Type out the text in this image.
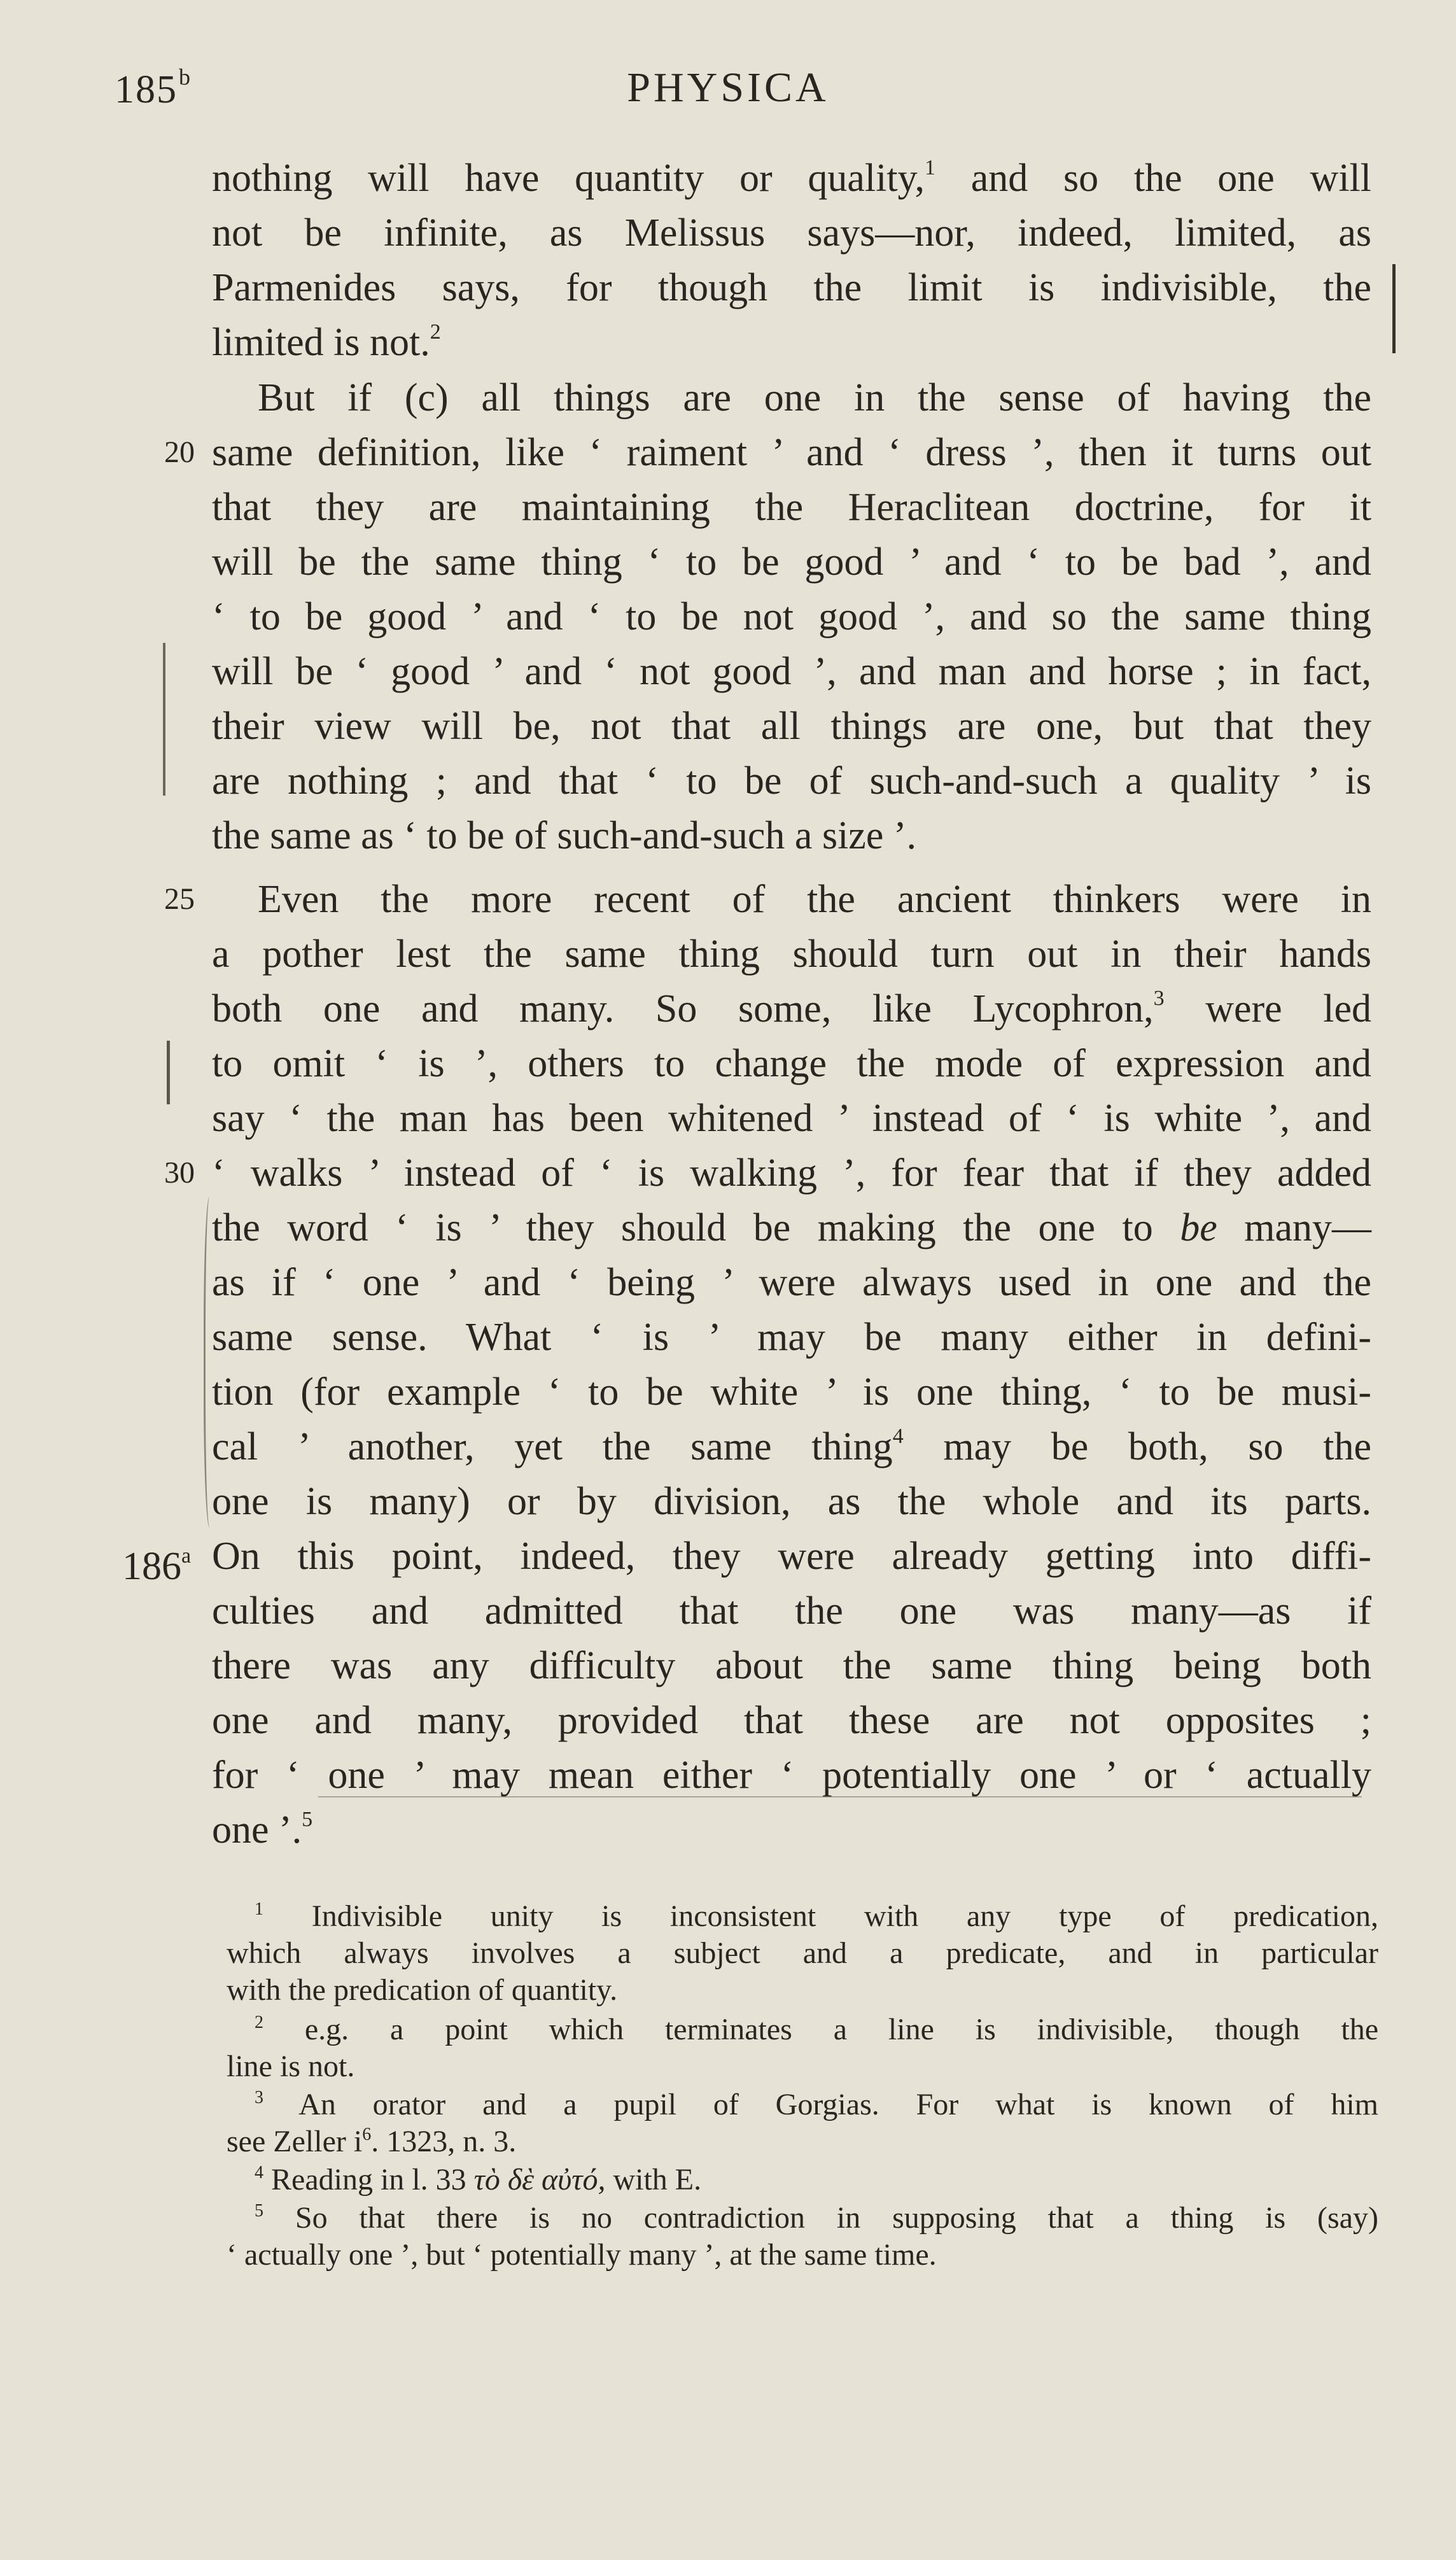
185$^b$	PHYSICA
nothing will have quantity or quality,$^1$ and so the one will
not be infinite, as Melissus says—nor, indeed, limited, as
Parmenides says, for though the limit is indivisible, the
limited is not.$^2$
But if (c) all things are one in the sense of having the
20 same definition, like ‘ raiment ’ and ‘ dress ’, then it turns out
that they are maintaining the Heraclitean doctrine, for it
will be the same thing ‘ to be good ’ and ‘ to be bad ’, and
‘ to be good ’ and ‘ to be not good ’, and so the same thing
will be ‘ good ’ and ‘ not good ’, and man and horse ; in fact,
their view will be, not that all things are one, but that they
are nothing ; and that ‘ to be of such-and-such a quality ’ is
the same as ‘ to be of such-and-such a size ’.
25 Even the more recent of the ancient thinkers were in
a pother lest the same thing should turn out in their hands
both one and many. So some, like Lycophron,$^3$ were led
to omit ‘ is ’, others to change the mode of expression and
say ‘ the man has been whitened ’ instead of ‘ is white ’, and
30 ‘ walks ’ instead of ‘ is walking ’, for fear that if they added
the word ‘ is ’ they should be making the one to be many—
as if ‘ one ’ and ‘ being ’ were always used in one and the
same sense. What ‘ is ’ may be many either in defini-
tion (for example ‘ to be white ’ is one thing, ‘ to be musi-
cal ’ another, yet the same thing$^4$ may be both, so the
one is many) or by division, as the whole and its parts.
186$^a$ On this point, indeed, they were already getting into diffi-
culties and admitted that the one was many—as if
there was any difficulty about the same thing being both
one and many, provided that these are not opposites ;
for ‘ one ’ may mean either ‘ potentially one ’ or ‘ actually
one ’.$^5$
$^1$ Indivisible unity is inconsistent with any type of predication,
which always involves a subject and a predicate, and in particular
with the predication of quantity.
$^2$ e.g. a point which terminates a line is indivisible, though the
line is not.
$^3$ An orator and a pupil of Gorgias. For what is known of him
see Zeller $i^6$. 1323, n. 3.
$^4$ Reading in l. 33 τὸ δὲ αὐτό, with E.
$^5$ So that there is no contradiction in supposing that a thing is (say)
‘ actually one ’, but ‘ potentially many ’, at the same time.
